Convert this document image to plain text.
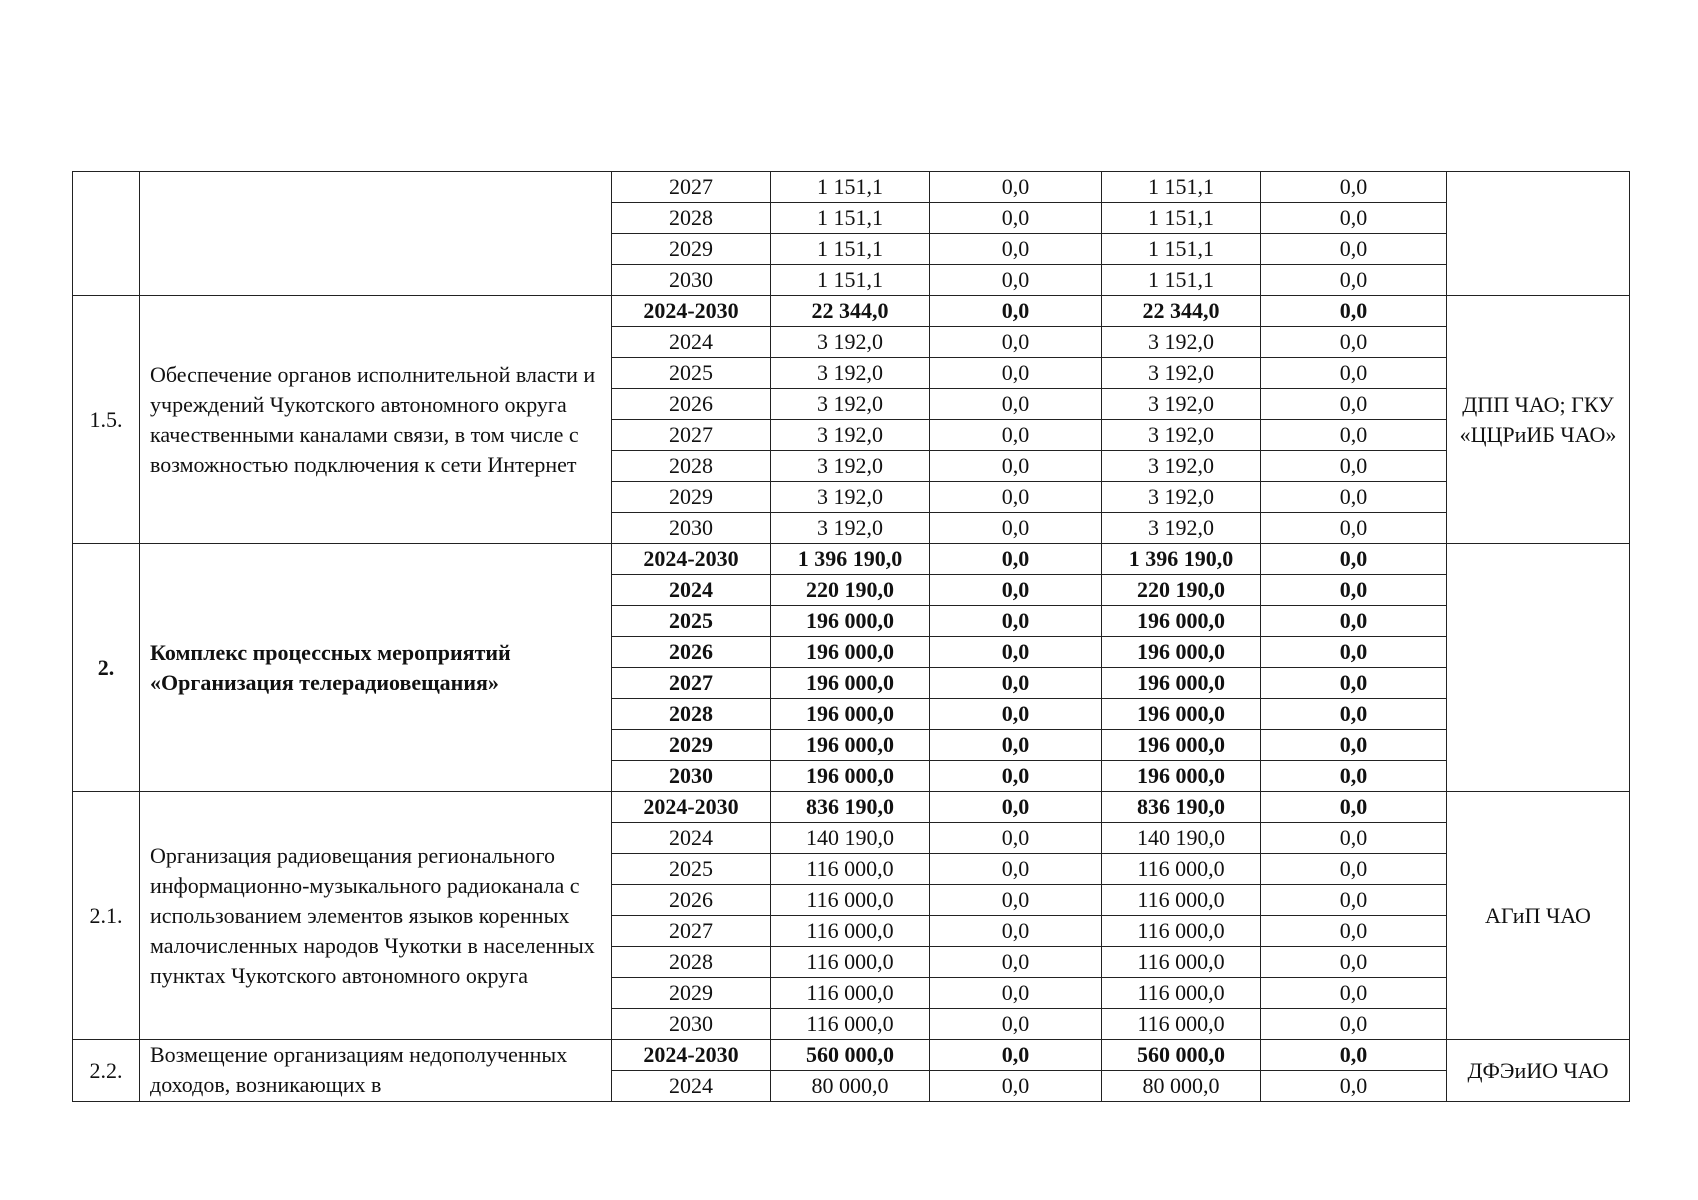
		2027	1 151,1	0,0	1 151,1	0,0	
		2028	1 151,1	0,0	1 151,1	0,0	
		2029	1 151,1	0,0	1 151,1	0,0	
		2030	1 151,1	0,0	1 151,1	0,0	
1.5.	Обеспечение органов исполнительной власти и учреждений Чукотского автономного округа качественными каналами связи, в том числе с возможностью подключения к сети Интернет	2024-2030	22 344,0	0,0	22 344,0	0,0	ДПП ЧАО; ГКУ «ЦЦРиИБ ЧАО»
		2024	3 192,0	0,0	3 192,0	0,0	
		2025	3 192,0	0,0	3 192,0	0,0	
		2026	3 192,0	0,0	3 192,0	0,0	
		2027	3 192,0	0,0	3 192,0	0,0	
		2028	3 192,0	0,0	3 192,0	0,0	
		2029	3 192,0	0,0	3 192,0	0,0	
		2030	3 192,0	0,0	3 192,0	0,0	
2.	Комплекс процессных мероприятий «Организация телерадиовещания»	2024-2030	1 396 190,0	0,0	1 396 190,0	0,0	
		2024	220 190,0	0,0	220 190,0	0,0	
		2025	196 000,0	0,0	196 000,0	0,0	
		2026	196 000,0	0,0	196 000,0	0,0	
		2027	196 000,0	0,0	196 000,0	0,0	
		2028	196 000,0	0,0	196 000,0	0,0	
		2029	196 000,0	0,0	196 000,0	0,0	
		2030	196 000,0	0,0	196 000,0	0,0	
2.1.	Организация радиовещания регионального информационно-музыкального радиоканала с использованием элементов языков коренных малочисленных народов Чукотки в населенных пунктах Чукотского автономного округа	2024-2030	836 190,0	0,0	836 190,0	0,0	АГиП ЧАО
		2024	140 190,0	0,0	140 190,0	0,0	
		2025	116 000,0	0,0	116 000,0	0,0	
		2026	116 000,0	0,0	116 000,0	0,0	
		2027	116 000,0	0,0	116 000,0	0,0	
		2028	116 000,0	0,0	116 000,0	0,0	
		2029	116 000,0	0,0	116 000,0	0,0	
		2030	116 000,0	0,0	116 000,0	0,0	
2.2.	Возмещение организациям недополученных доходов, возникающих в	2024-2030	560 000,0	0,0	560 000,0	0,0	ДФЭиИО ЧАО
		2024	80 000,0	0,0	80 000,0	0,0	
